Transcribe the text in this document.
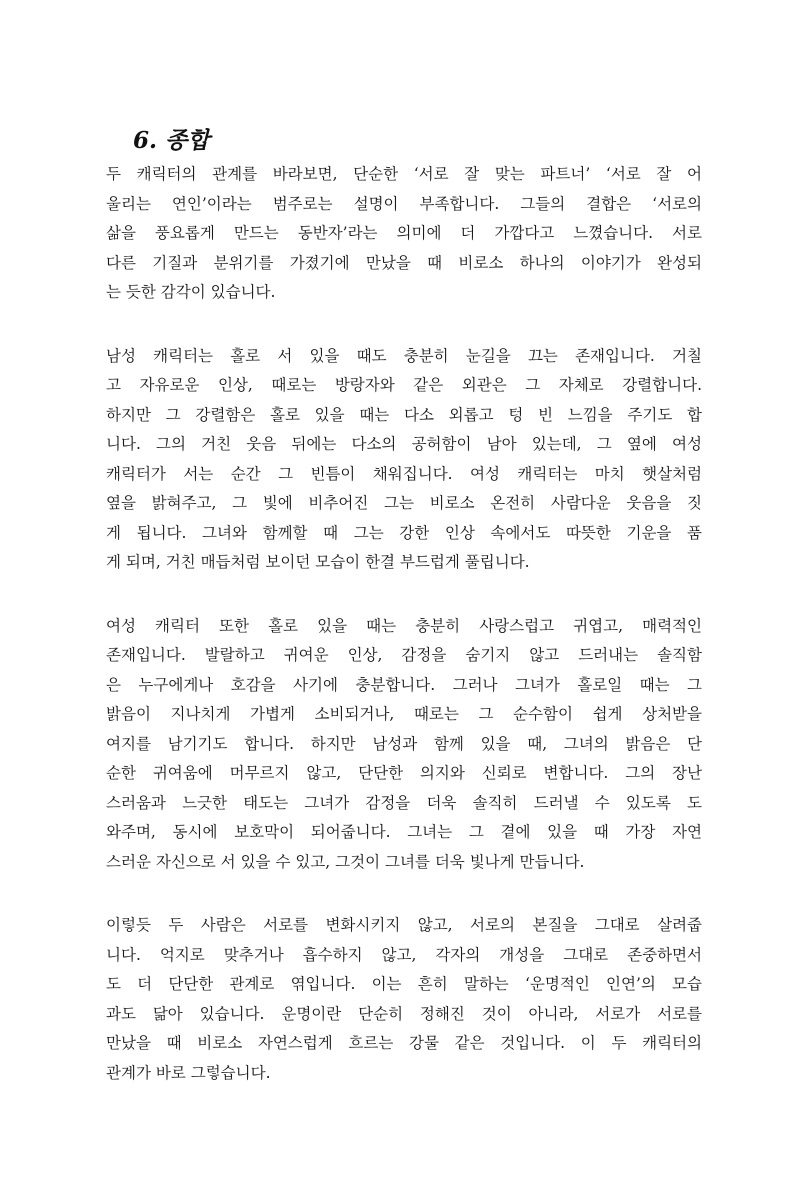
6. 종합

두 캐릭터의 관계를 바라보면, 단순한 ‘서로 잘 맞는 파트너’ ‘서로 잘 어
울리는 연인’이라는 범주로는 설명이 부족합니다. 그들의 결합은 ‘서로의
삶을 풍요롭게 만드는 동반자’라는 의미에 더 가깝다고 느꼈습니다. 서로
다른 기질과 분위기를 가졌기에 만났을 때 비로소 하나의 이야기가 완성되
는 듯한 감각이 있습니다.

남성 캐릭터는 홀로 서 있을 때도 충분히 눈길을 끄는 존재입니다. 거칠
고 자유로운 인상, 때로는 방랑자와 같은 외관은 그 자체로 강렬합니다.
하지만 그 강렬함은 홀로 있을 때는 다소 외롭고 텅 빈 느낌을 주기도 합
니다. 그의 거친 웃음 뒤에는 다소의 공허함이 남아 있는데, 그 옆에 여성
캐릭터가 서는 순간 그 빈틈이 채워집니다. 여성 캐릭터는 마치 햇살처럼
옆을 밝혀주고, 그 빛에 비추어진 그는 비로소 온전히 사람다운 웃음을 짓
게 됩니다. 그녀와 함께할 때 그는 강한 인상 속에서도 따뜻한 기운을 품
게 되며, 거친 매듭처럼 보이던 모습이 한결 부드럽게 풀립니다.

여성 캐릭터 또한 홀로 있을 때는 충분히 사랑스럽고 귀엽고, 매력적인
존재입니다. 발랄하고 귀여운 인상, 감정을 숨기지 않고 드러내는 솔직함
은 누구에게나 호감을 사기에 충분합니다. 그러나 그녀가 홀로일 때는 그
밝음이 지나치게 가볍게 소비되거나, 때로는 그 순수함이 쉽게 상처받을
여지를 남기기도 합니다. 하지만 남성과 함께 있을 때, 그녀의 밝음은 단
순한 귀여움에 머무르지 않고, 단단한 의지와 신뢰로 변합니다. 그의 장난
스러움과 느긋한 태도는 그녀가 감정을 더욱 솔직히 드러낼 수 있도록 도
와주며, 동시에 보호막이 되어줍니다. 그녀는 그 곁에 있을 때 가장 자연
스러운 자신으로 서 있을 수 있고, 그것이 그녀를 더욱 빛나게 만듭니다.

이렇듯 두 사람은 서로를 변화시키지 않고, 서로의 본질을 그대로 살려줍
니다. 억지로 맞추거나 흡수하지 않고, 각자의 개성을 그대로 존중하면서
도 더 단단한 관계로 엮입니다. 이는 흔히 말하는 ‘운명적인 인연’의 모습
과도 닮아 있습니다. 운명이란 단순히 정해진 것이 아니라, 서로가 서로를
만났을 때 비로소 자연스럽게 흐르는 강물 같은 것입니다. 이 두 캐릭터의
관계가 바로 그렇습니다.
